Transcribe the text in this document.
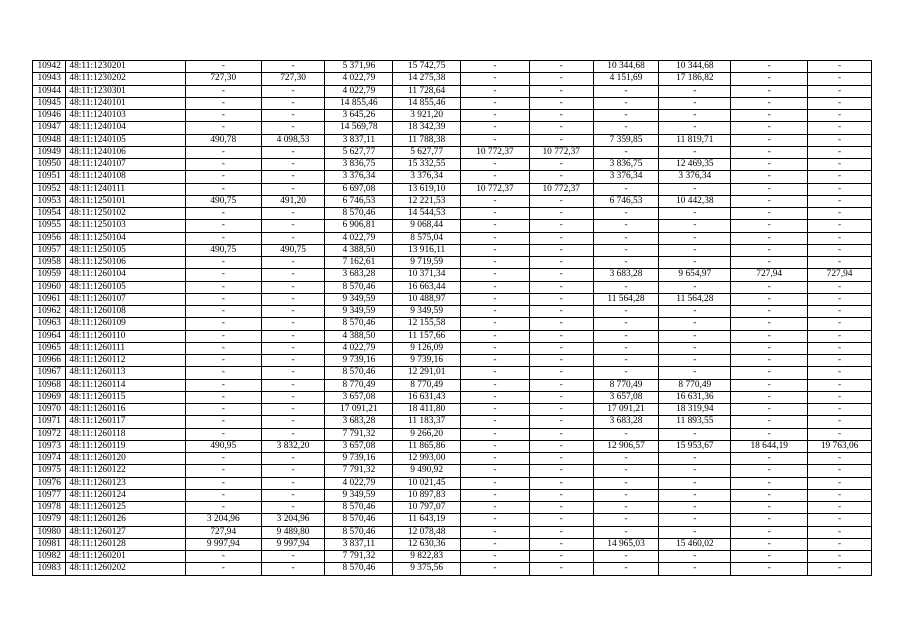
10942	48:11:1230201	-	-	5 371,96	15 742,75	-	-	10 344,68	10 344,68	-	-
10943	48:11:1230202	727,30	727,30	4 022,79	14 275,38	-	-	4 151,69	17 186,82	-	-
10944	48:11:1230301	-	-	4 022,79	11 728,64	-	-	-	-	-	-
10945	48:11:1240101	-	-	14 855,46	14 855,46	-	-	-	-	-	-
10946	48:11:1240103	-	-	3 645,26	3 921,20	-	-	-	-	-	-
10947	48:11:1240104	-	-	14 569,78	18 342,39	-	-	-	-	-	-
10948	48:11:1240105	490,78	4 098,53	3 837,11	11 788,38	-	-	7 359,85	11 819,71	-	-
10949	48:11:1240106	-	-	5 627,77	5 627,77	10 772,37	10 772,37	-	-	-	-
10950	48:11:1240107	-	-	3 836,75	15 332,55	-	-	3 836,75	12 469,35	-	-
10951	48:11:1240108	-	-	3 376,34	3 376,34	-	-	3 376,34	3 376,34	-	-
10952	48:11:1240111	-	-	6 697,08	13 619,10	10 772,37	10 772,37	-	-	-	-
10953	48:11:1250101	490,75	491,20	6 746,53	12 221,53	-	-	6 746,53	10 442,38	-	-
10954	48:11:1250102	-	-	8 570,46	14 544,53	-	-	-	-	-	-
10955	48:11:1250103	-	-	6 906,81	9 068,44	-	-	-	-	-	-
10956	48:11:1250104	-	-	4 022,79	8 575,04	-	-	-	-	-	-
10957	48:11:1250105	490,75	490,75	4 388,50	13 916,11	-	-	-	-	-	-
10958	48:11:1250106	-	-	7 162,61	9 719,59	-	-	-	-	-	-
10959	48:11:1260104	-	-	3 683,28	10 371,34	-	-	3 683,28	9 654,97	727,94	727,94
10960	48:11:1260105	-	-	8 570,46	16 663,44	-	-	-	-	-	-
10961	48:11:1260107	-	-	9 349,59	10 488,97	-	-	11 564,28	11 564,28	-	-
10962	48:11:1260108	-	-	9 349,59	9 349,59	-	-	-	-	-	-
10963	48:11:1260109	-	-	8 570,46	12 155,58	-	-	-	-	-	-
10964	48:11:1260110	-	-	4 388,50	11 157,66	-	-	-	-	-	-
10965	48:11:1260111	-	-	4 022,79	9 126,09	-	-	-	-	-	-
10966	48:11:1260112	-	-	9 739,16	9 739,16	-	-	-	-	-	-
10967	48:11:1260113	-	-	8 570,46	12 291,01	-	-	-	-	-	-
10968	48:11:1260114	-	-	8 770,49	8 770,49	-	-	8 770,49	8 770,49	-	-
10969	48:11:1260115	-	-	3 657,08	16 631,43	-	-	3 657,08	16 631,36	-	-
10970	48:11:1260116	-	-	17 091,21	18 411,80	-	-	17 091,21	18 319,94	-	-
10971	48:11:1260117	-	-	3 683,28	11 183,37	-	-	3 683,28	11 893,55	-	-
10972	48:11:1260118	-	-	7 791,32	9 266,20	-	-	-	-	-	-
10973	48:11:1260119	490,95	3 832,20	3 657,08	11 865,86	-	-	12 906,57	15 953,67	18 644,19	19 763,06
10974	48:11:1260120	-	-	9 739,16	12 993,00	-	-	-	-	-	-
10975	48:11:1260122	-	-	7 791,32	9 490,92	-	-	-	-	-	-
10976	48:11:1260123	-	-	4 022,79	10 021,45	-	-	-	-	-	-
10977	48:11:1260124	-	-	9 349,59	10 897,83	-	-	-	-	-	-
10978	48:11:1260125	-	-	8 570,46	10 797,07	-	-	-	-	-	-
10979	48:11:1260126	3 204,96	3 204,96	8 570,46	11 643,19	-	-	-	-	-	-
10980	48:11:1260127	727,94	9 489,80	8 570,46	12 078,48	-	-	-	-	-	-
10981	48:11:1260128	9 997,94	9 997,94	3 837,11	12 630,36	-	-	14 965,03	15 460,02	-	-
10982	48:11:1260201	-	-	7 791,32	9 822,83	-	-	-	-	-	-
10983	48:11:1260202	-	-	8 570,46	9 375,56	-	-	-	-	-	-
